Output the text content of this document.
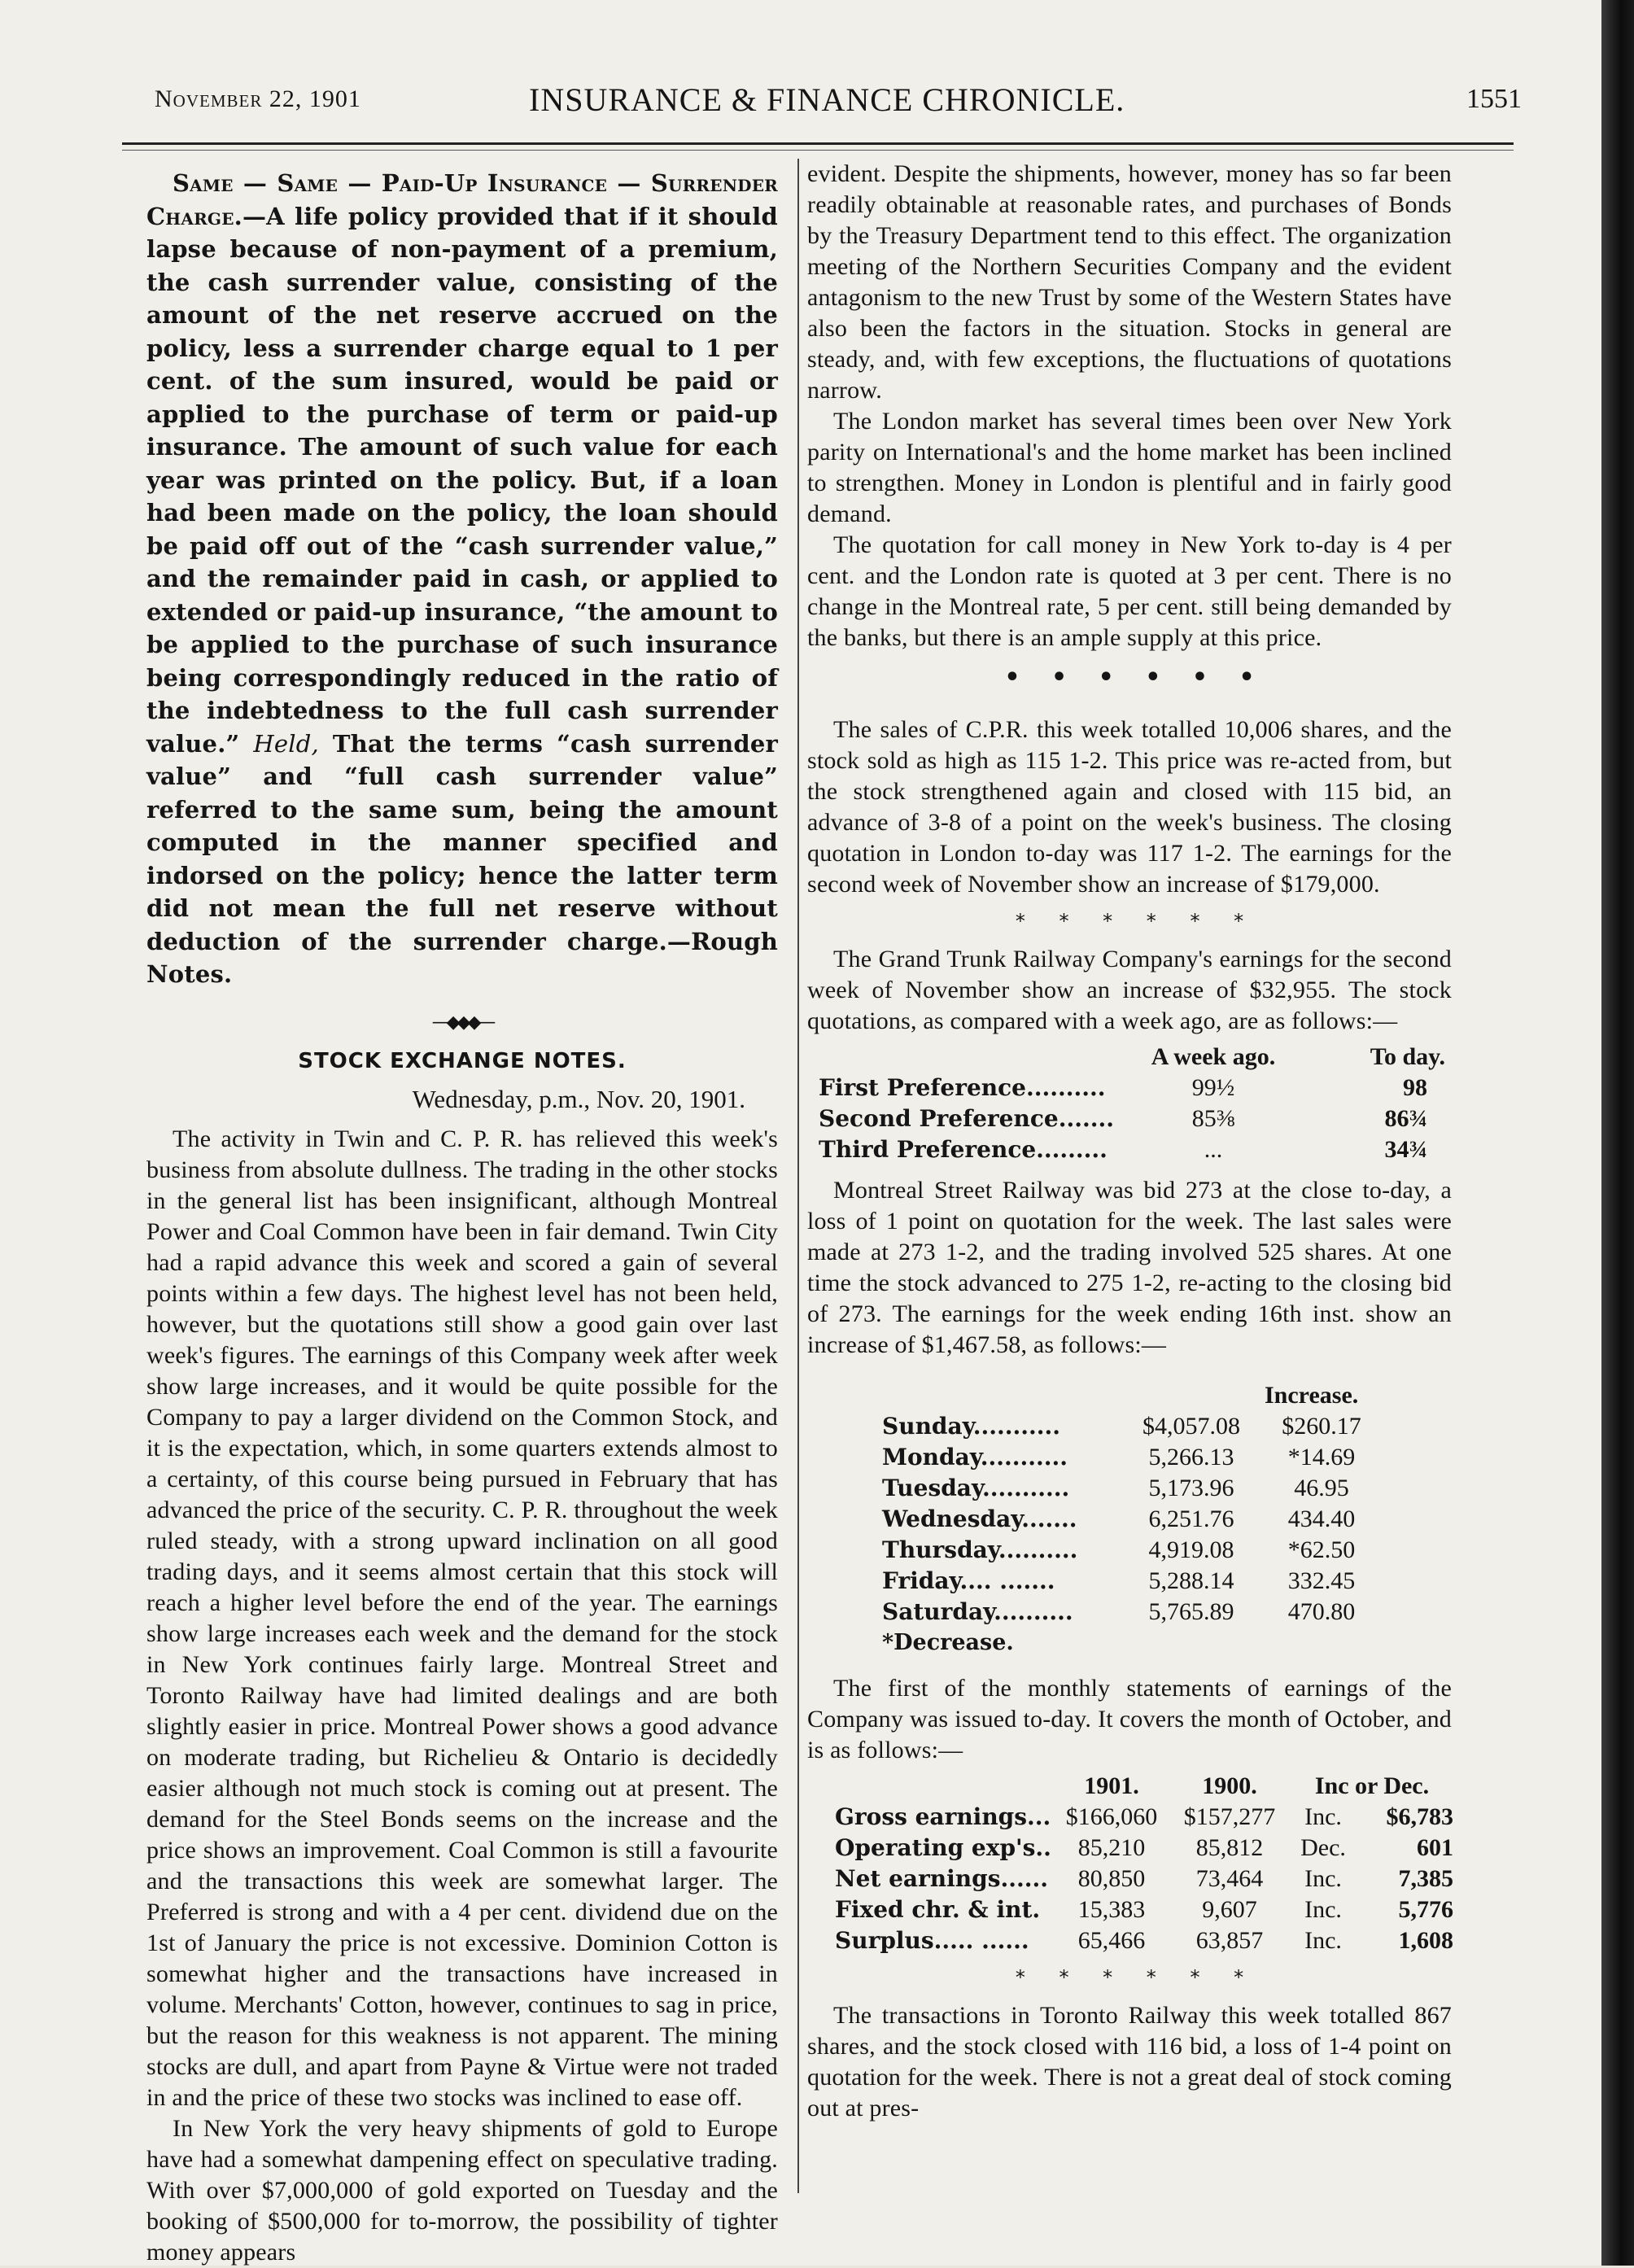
November 22, 1901	INSURANCE & FINANCE CHRONICLE.	1551

Same — Same — Paid-Up Insurance — Surrender Charge.—A life policy provided that if it should lapse because of non-payment of a premium, the cash surrender value, consisting of the amount of the net reserve accrued on the policy, less a surrender charge equal to 1 per cent. of the sum insured, would be paid or applied to the purchase of term or paid-up insurance. The amount of such value for each year was printed on the policy. But, if a loan had been made on the policy, the loan should be paid off out of the “cash surrender value,” and the remainder paid in cash, or applied to extended or paid-up insurance, “the amount to be applied to the purchase of such insurance being correspondingly reduced in the ratio of the indebtedness to the full cash surrender value.” Held, That the terms “cash surrender value” and “full cash surrender value” referred to the same sum, being the amount computed in the manner specified and indorsed on the policy; hence the latter term did not mean the full net reserve without deduction of the surrender charge.—Rough Notes.

—◆◆◆—
STOCK EXCHANGE NOTES.
Wednesday, p.m., Nov. 20, 1901.

The activity in Twin and C. P. R. has relieved this week's business from absolute dullness. The trading in the other stocks in the general list has been insignificant, although Montreal Power and Coal Common have been in fair demand. Twin City had a rapid advance this week and scored a gain of several points within a few days. The highest level has not been held, however, but the quotations still show a good gain over last week's figures. The earnings of this Company week after week show large increases, and it would be quite possible for the Company to pay a larger dividend on the Common Stock, and it is the expectation, which, in some quarters extends almost to a certainty, of this course being pursued in February that has advanced the price of the security. C. P. R. throughout the week ruled steady, with a strong upward inclination on all good trading days, and it seems almost certain that this stock will reach a higher level before the end of the year. The earnings show large increases each week and the demand for the stock in New York continues fairly large. Montreal Street and Toronto Railway have had limited dealings and are both slightly easier in price. Montreal Power shows a good advance on moderate trading, but Richelieu & Ontario is decidedly easier although not much stock is coming out at present. The demand for the Steel Bonds seems on the increase and the price shows an improvement. Coal Common is still a favourite and the transactions this week are somewhat larger. The Preferred is strong and with a 4 per cent. dividend due on the 1st of January the price is not excessive. Dominion Cotton is somewhat higher and the transactions have increased in volume. Merchants' Cotton, however, continues to sag in price, but the reason for this weakness is not apparent. The mining stocks are dull, and apart from Payne & Virtue were not traded in and the price of these two stocks was inclined to ease off.

In New York the very heavy shipments of gold to Europe have had a somewhat dampening effect on speculative trading. With over $7,000,000 of gold exported on Tuesday and the booking of $500,000 for to-morrow, the possibility of tighter money appears

evident. Despite the shipments, however, money has so far been readily obtainable at reasonable rates, and purchases of Bonds by the Treasury Department tend to this effect. The organization meeting of the Northern Securities Company and the evident antagonism to the new Trust by some of the Western States have also been the factors in the situation. Stocks in general are steady, and, with few exceptions, the fluctuations of quotations narrow.

The London market has several times been over New York parity on International's and the home market has been inclined to strengthen. Money in London is plentiful and in fairly good demand.

The quotation for call money in New York to-day is 4 per cent. and the London rate is quoted at 3 per cent. There is no change in the Montreal rate, 5 per cent. still being demanded by the banks, but there is an ample supply at this price.

• • • • • •

The sales of C.P.R. this week totalled 10,006 shares, and the stock sold as high as 115 1-2. This price was re-acted from, but the stock strengthened again and closed with 115 bid, an advance of 3-8 of a point on the week's business. The closing quotation in London to-day was 117 1-2. The earnings for the second week of November show an increase of $179,000.

* * * * * *

The Grand Trunk Railway Company's earnings for the second week of November show an increase of $32,955. The stock quotations, as compared with a week ago, are as follows:—

	A week ago.	To day.
First Preference..........	99½	98
Second Preference.......	85⅜	86¾
Third Preference.........	...	34¾

Montreal Street Railway was bid 273 at the close to-day, a loss of 1 point on quotation for the week. The last sales were made at 273 1-2, and the trading involved 525 shares. At one time the stock advanced to 275 1-2, re-acting to the closing bid of 273. The earnings for the week ending 16th inst. show an increase of $1,467.58, as follows:—

		Increase.
Sunday...........	$4,057.08	$260.17
Monday...........	5,266.13	*14.69
Tuesday...........	5,173.96	46.95
Wednesday.......	6,251.76	434.40
Thursday..........	4,919.08	*62.50
Friday.... .......	5,288.14	332.45
Saturday..........	5,765.89	470.80
*Decrease.		

The first of the monthly statements of earnings of the Company was issued to-day. It covers the month of October, and is as follows:—

	1901.	1900.	Inc or Dec.	
Gross earnings...	$166,060	$157,277	Inc.	$6,783
Operating exp's..	85,210	85,812	Dec.	601
Net earnings......	80,850	73,464	Inc.	7,385
Fixed chr. & int.	15,383	9,607	Inc.	5,776
Surplus..... ......	65,466	63,857	Inc.	1,608
* * * * * *

The transactions in Toronto Railway this week totalled 867 shares, and the stock closed with 116 bid, a loss of 1-4 point on quotation for the week. There is not a great deal of stock coming out at pres-
